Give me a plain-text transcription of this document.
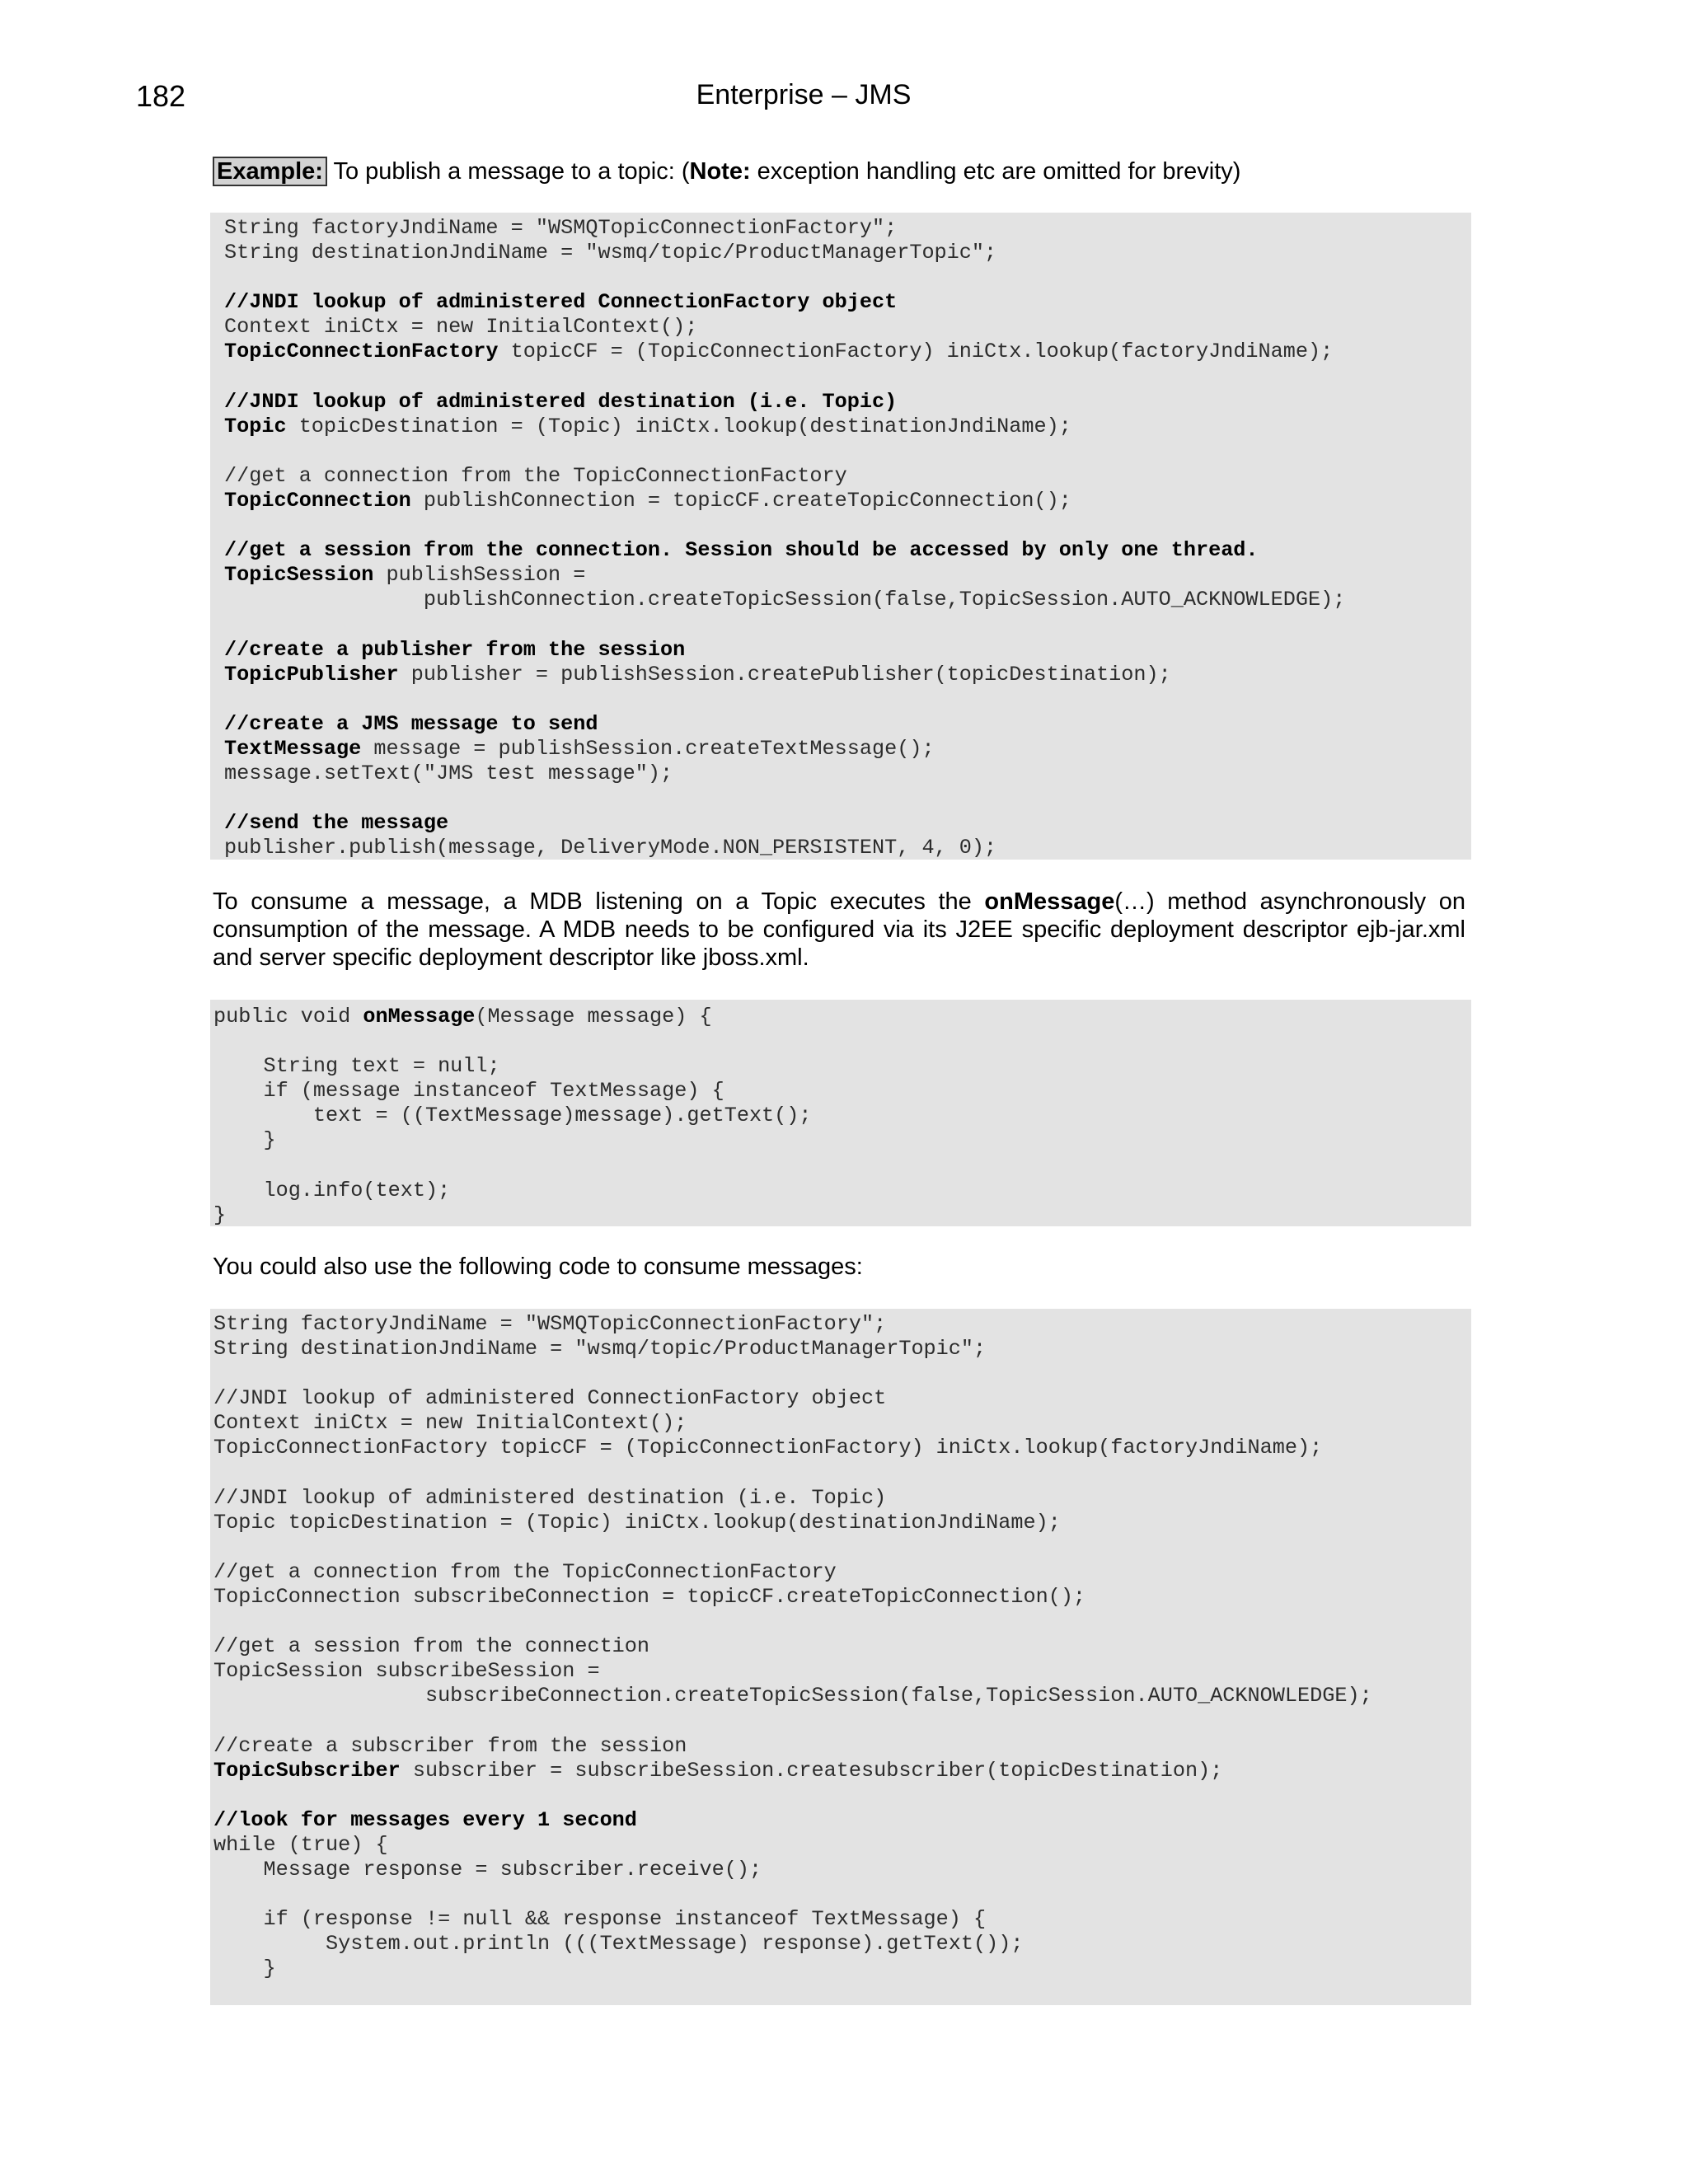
182	Enterprise – JMS
Example: To publish a message to a topic: (Note: exception handling etc are omitted for brevity)
String factoryJndiName = "WSMQTopicConnectionFactory";
String destinationJndiName = "wsmq/topic/ProductManagerTopic";

//JNDI lookup of administered ConnectionFactory object
Context iniCtx = new InitialContext();
TopicConnectionFactory topicCF = (TopicConnectionFactory) iniCtx.lookup(factoryJndiName);

//JNDI lookup of administered destination (i.e. Topic)
Topic topicDestination = (Topic) iniCtx.lookup(destinationJndiName);

//get a connection from the TopicConnectionFactory
TopicConnection publishConnection = topicCF.createTopicConnection();

//get a session from the connection. Session should be accessed by only one thread.
TopicSession publishSession =
publishConnection.createTopicSession(false,TopicSession.AUTO_ACKNOWLEDGE);

//create a publisher from the session
TopicPublisher publisher = publishSession.createPublisher(topicDestination);

//create a JMS message to send
TextMessage message = publishSession.createTextMessage();
message.setText("JMS test message");

//send the message
publisher.publish(message, DeliveryMode.NON_PERSISTENT, 4, 0);
To consume a message, a MDB listening on a Topic executes the onMessage(…) method asynchronously on consumption of the message. A MDB needs to be configured via its J2EE specific deployment descriptor ejb-jar.xml and server specific deployment descriptor like jboss.xml.
public void onMessage(Message message) {

String text = null;
if (message instanceof TextMessage) {
text = ((TextMessage)message).getText();
}

log.info(text);
}
You could also use the following code to consume messages:
String factoryJndiName = "WSMQTopicConnectionFactory";
String destinationJndiName = "wsmq/topic/ProductManagerTopic";

//JNDI lookup of administered ConnectionFactory object
Context iniCtx = new InitialContext();
TopicConnectionFactory topicCF = (TopicConnectionFactory) iniCtx.lookup(factoryJndiName);

//JNDI lookup of administered destination (i.e. Topic)
Topic topicDestination = (Topic) iniCtx.lookup(destinationJndiName);

//get a connection from the TopicConnectionFactory
TopicConnection subscribeConnection = topicCF.createTopicConnection();

//get a session from the connection
TopicSession subscribeSession =
subscribeConnection.createTopicSession(false,TopicSession.AUTO_ACKNOWLEDGE);

//create a subscriber from the session
TopicSubscriber subscriber = subscribeSession.createsubscriber(topicDestination);

//look for messages every 1 second
while (true) {
Message response = subscriber.receive();

if (response != null && response instanceof TextMessage) {
System.out.println (((TextMessage) response).getText());
}
